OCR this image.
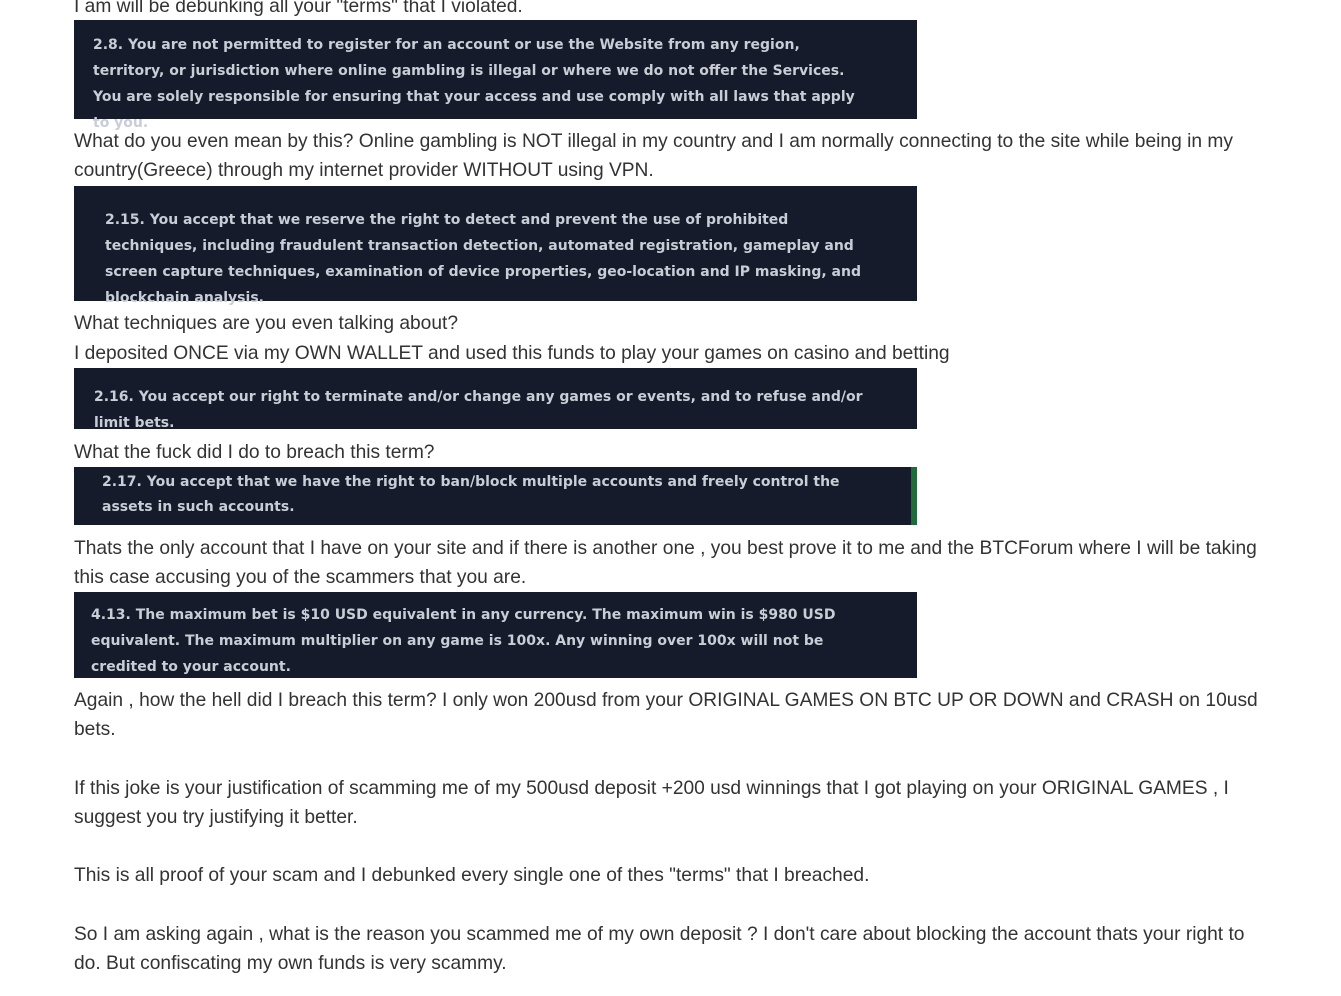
I am will be debunking all your "terms" that I violated.

2.8. You are not permitted to register for an account or use the Website from any region, territory, or jurisdiction where online gambling is illegal or where we do not offer the Services. You are solely responsible for ensuring that your access and use comply with all laws that apply to you.

What do you even mean by this? Online gambling is NOT illegal in my country and I am normally connecting to the site while being in my country(Greece) through my internet provider WITHOUT using VPN.

2.15. You accept that we reserve the right to detect and prevent the use of prohibited techniques, including fraudulent transaction detection, automated registration, gameplay and screen capture techniques, examination of device properties, geo-location and IP masking, and blockchain analysis.

What techniques are you even talking about?

I deposited ONCE via my OWN WALLET and used this funds to play your games on casino and betting

2.16. You accept our right to terminate and/or change any games or events, and to refuse and/or limit bets.

What the fuck did I do to breach this term?

2.17. You accept that we have the right to ban/block multiple accounts and freely control the assets in such accounts.

Thats the only account that I have on your site and if there is another one , you best prove it to me and the BTCForum where I will be taking this case accusing you of the scammers that you are.

4.13. The maximum bet is $10 USD equivalent in any currency. The maximum win is $980 USD equivalent. The maximum multiplier on any game is 100x. Any winning over 100x will not be credited to your account.

Again , how the hell did I breach this term? I only won 200usd from your ORIGINAL GAMES ON BTC UP OR DOWN and CRASH on 10usd bets.

If this joke is your justification of scamming me of my 500usd deposit +200 usd winnings that I got playing on your ORIGINAL GAMES , I suggest you try justifying it better.

This is all proof of your scam and I debunked every single one of thes "terms" that I breached.

So I am asking again , what is the reason you scammed me of my own deposit ? I don't care about blocking the account thats your right to do. But confiscating my own funds is very scammy.
